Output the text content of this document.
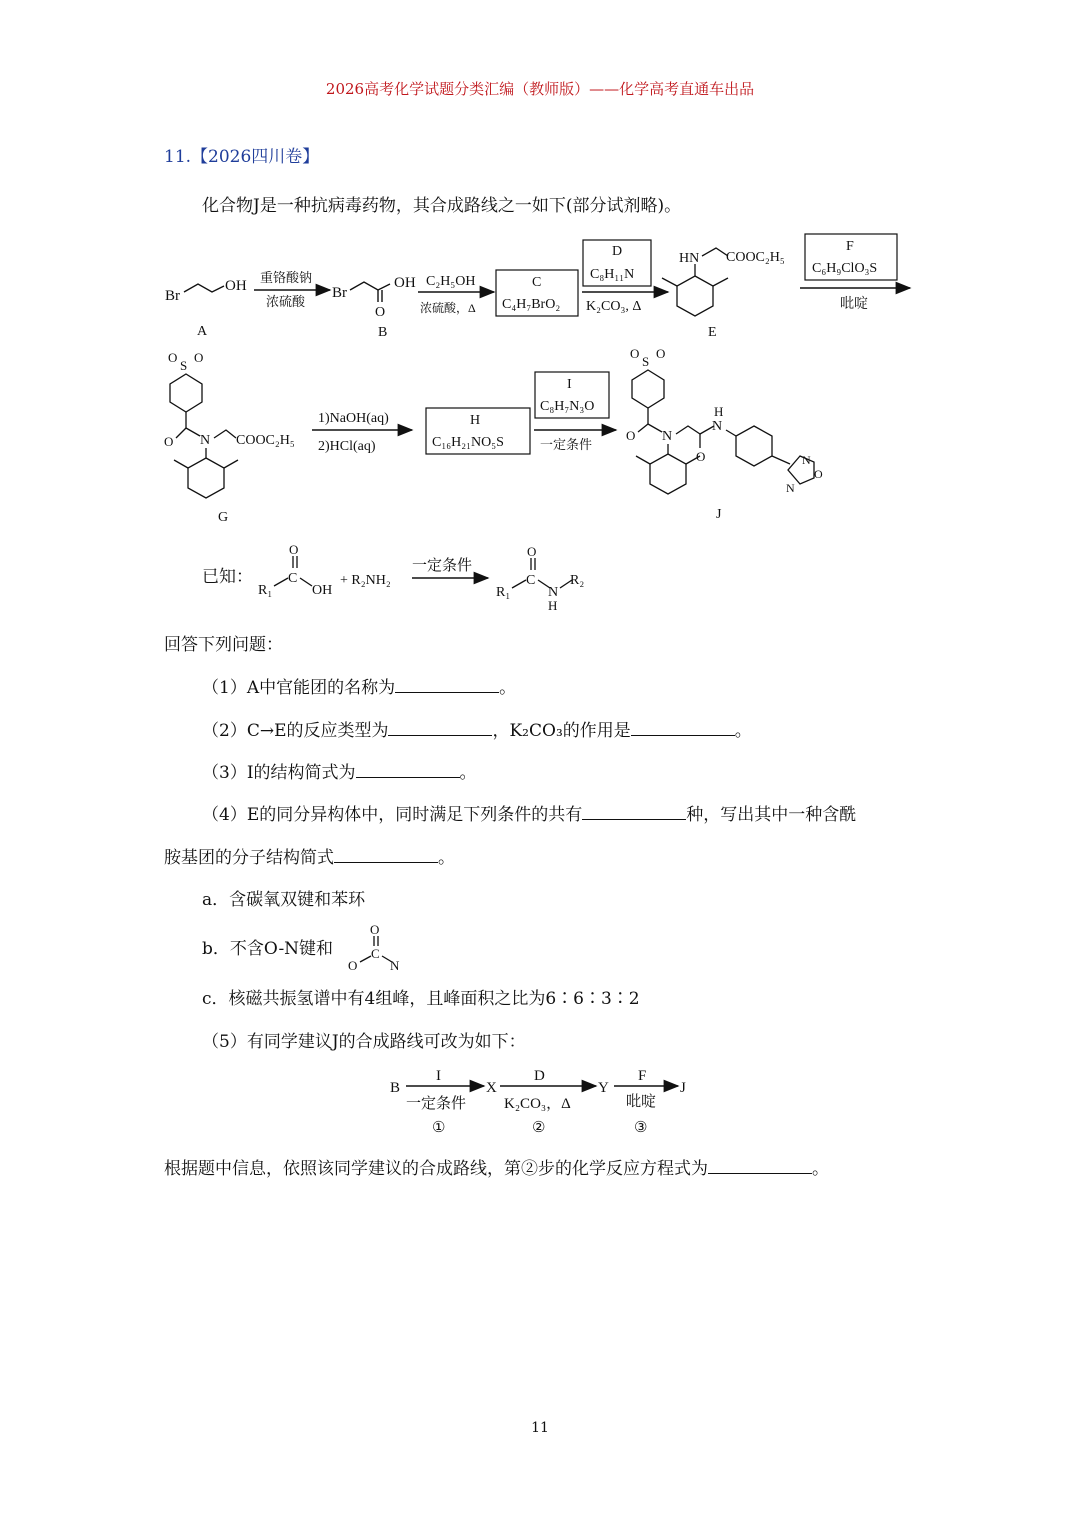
2026高考化学试题分类汇编（教师版）——化学高考直通车出品
11.【2026四川卷】
化合物J是一种抗病毒药物，其合成路线之一如下(部分试剂略)。
Br
OH
A
重铬酸钠
浓硫酸
Br
O
OH
B
C₂H₅OH
浓硫酸，Δ
C
C₄H₇BrO₂
D
C₈H₁₁N
K₂CO₃, Δ
HN COOC₂H₅
E
F
C₆H₉ClO₃S
吡啶
O
S
O
O N COOC₂H₅
G
1)NaOH(aq)
2)HCl(aq)
H
C₁₆H₂₁NO₅S
I
C₈H₇N₃O
一定条件
O
S
O
O N
O
H
N
N
O
N
J
已知：
R₁
C
O
OH
+ R₂NH₂
一定条件
R₁
C
O
N
H
R₂
回答下列问题：
（1）A中官能团的名称为	。
（2）C→E的反应类型为	，K₂CO₃的作用是	。
（3）I的结构简式为	。
（4）E的同分异构体中，同时满足下列条件的共有	种，写出其中一种含酰
胺基团的分子结构简式	。
a．含碳氧双键和苯环
b．不含O-N键和
O
C
O	N
c．核磁共振氢谱中有4组峰，且峰面积之比为6∶6∶3∶2
（5）有同学建议J的合成路线可改为如下：
B
I
一定条件
①
X
D
K₂CO₃，Δ
②
Y
F
吡啶
③
J
根据题中信息，依照该同学建议的合成路线，第②步的化学反应方程式为	。
11
